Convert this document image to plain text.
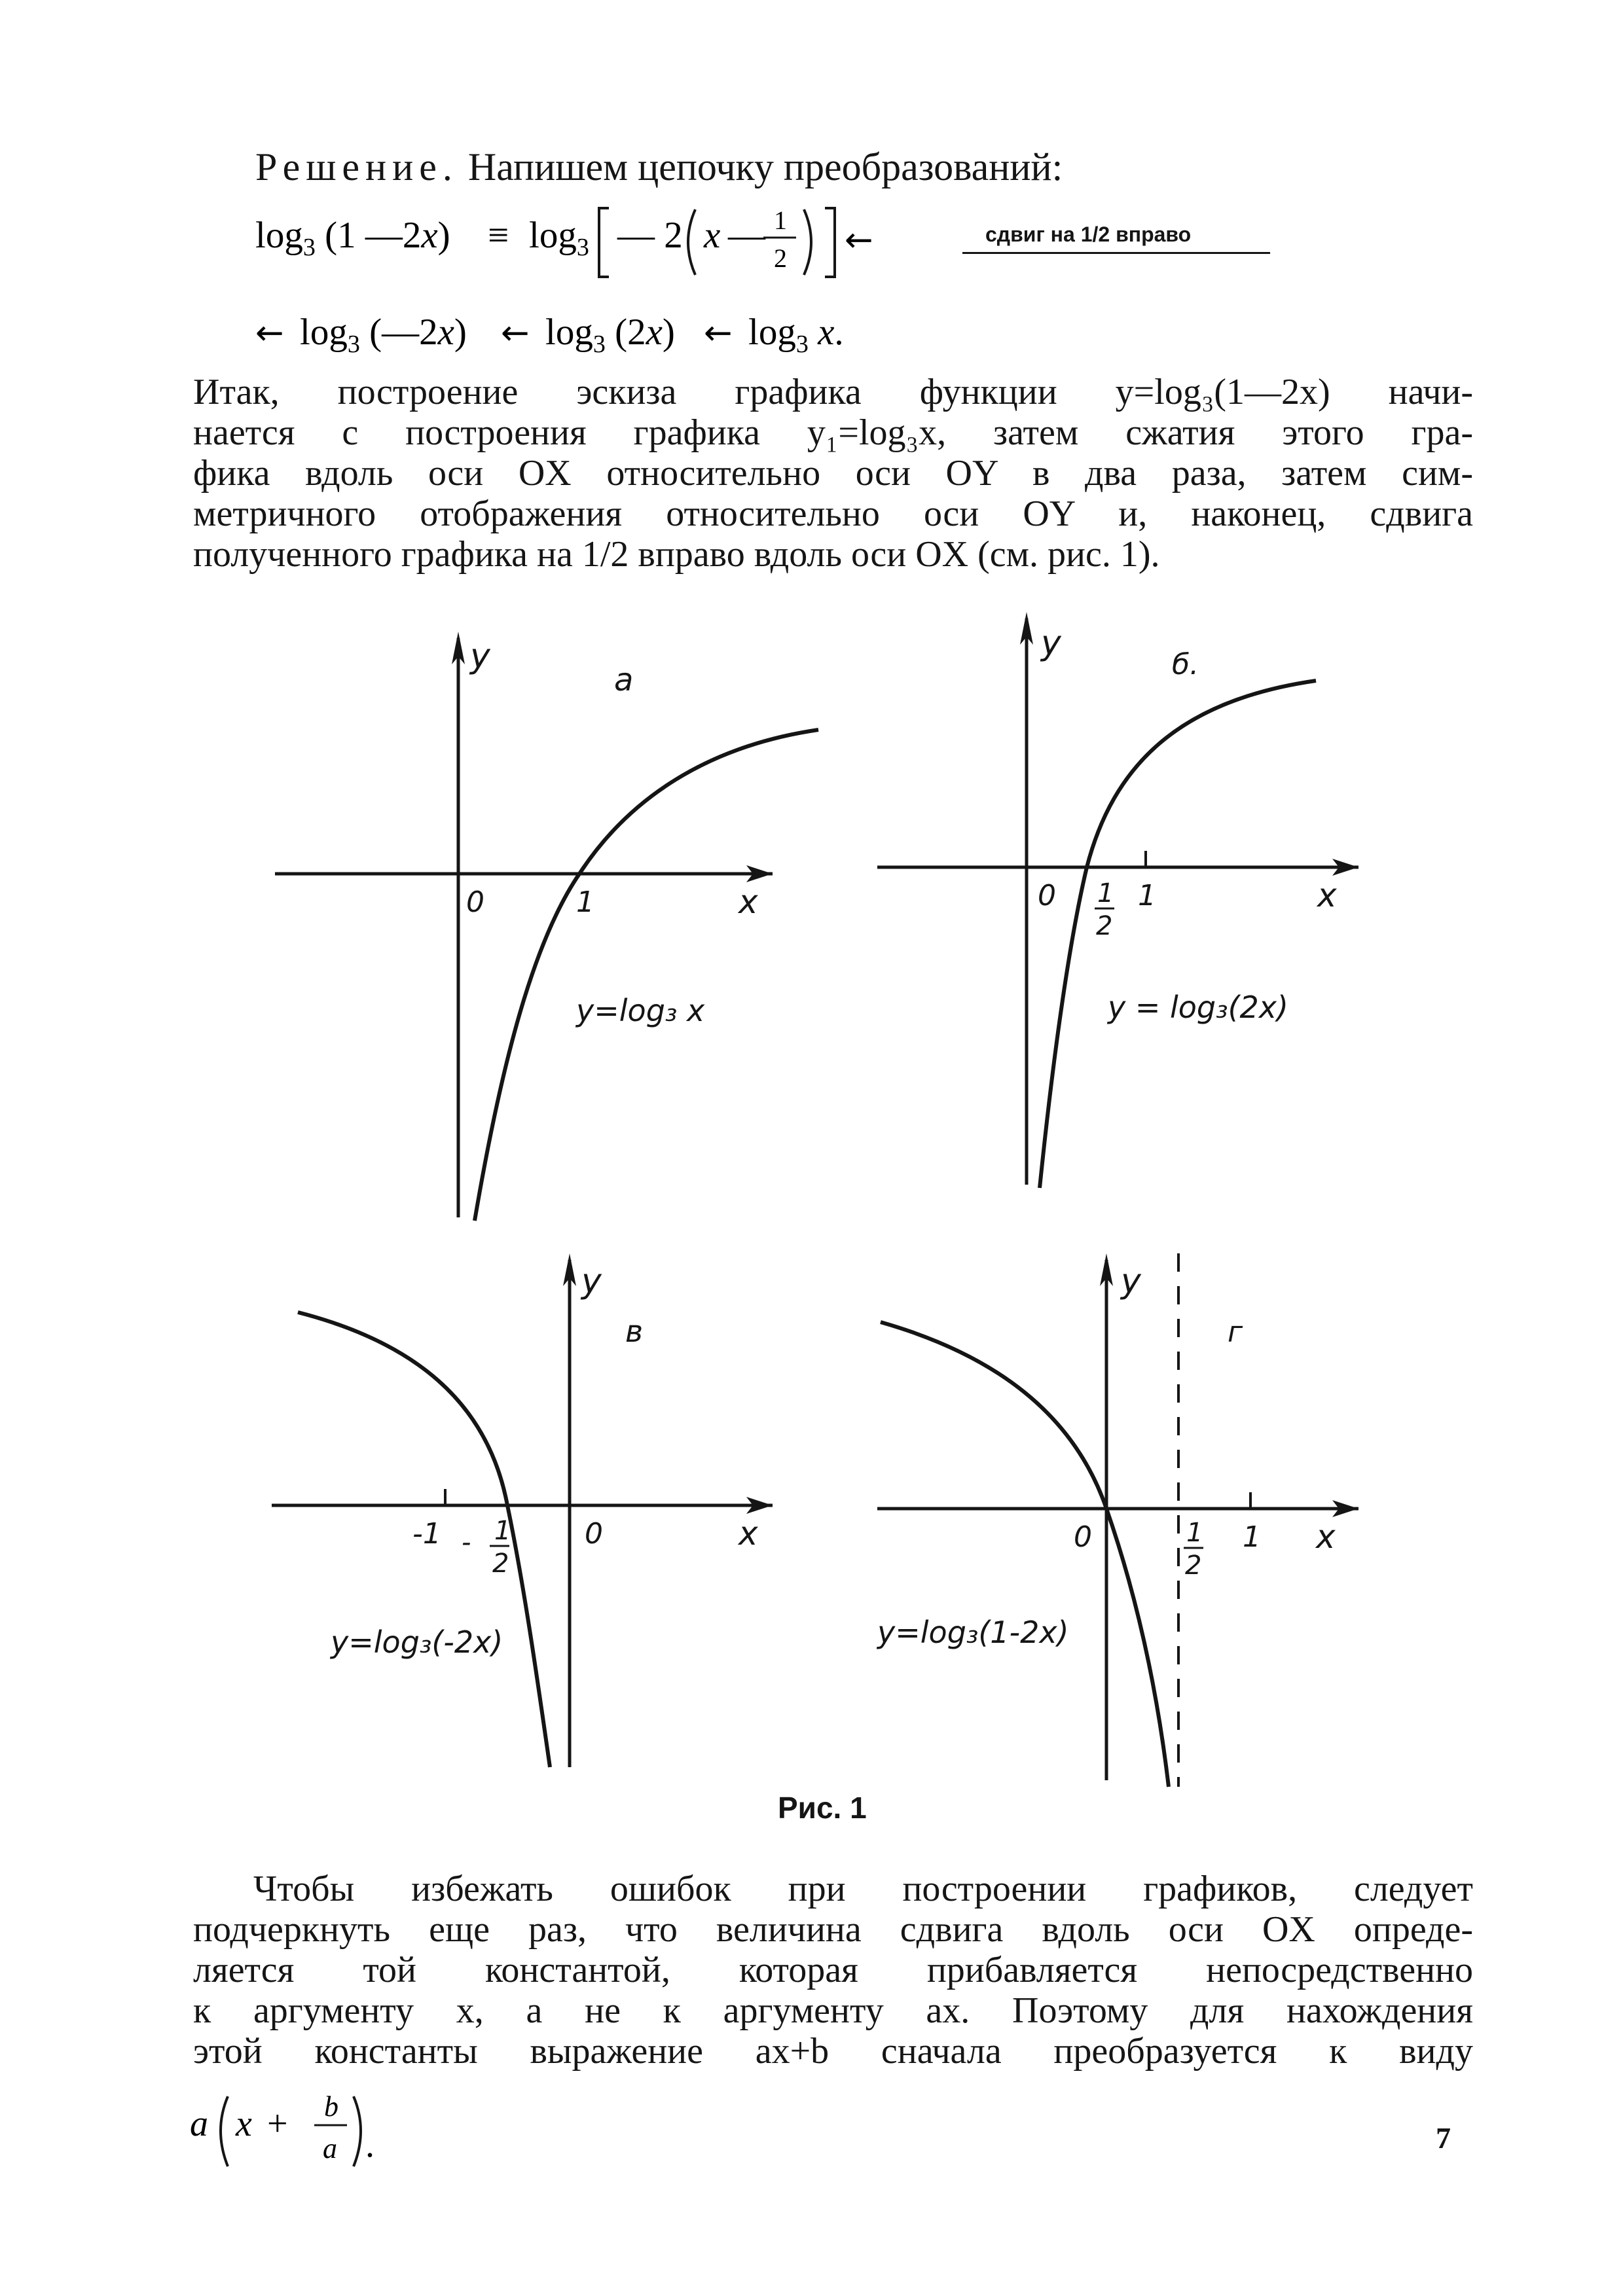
Решение. Напишем цепочку преобразований:
$\log_3 (1$ —2x) ≡ $\log_3$ — 2 x — 1
2 ←	сдвиг на 1/2 вправо
← $\log_3$ (—2x) ← $\log_3 (2x)$ ← $\log_3 x$.
Итак, построение эскиза графика функции y=log₃(1—2x) начи-
нается с построения графика y₁=log₃x, затем сжатия этого гра-
фика вдоль оси OX относительно оси OY в два раза, затем сим-
метричного отображения относительно оси OY и, наконец, сдвига
полученного графика на 1/2 вправо вдоль оси OX (см. рис. 1).
y
x
0	1
а
y=log₃ x
y
x
0 1
2
1
б.
y = log₃(2x)
y
x
-1 - 1
2
0
в
y=log₃(-2x)
y
x
0	1
2
1
г
y=log₃(1-2x)
Рис. 1
Чтобы избежать ошибок при построении графиков, следует
подчеркнуть еще раз, что величина сдвига вдоль оси OX опреде-
ляется той константой, которая прибавляется непосредственно
к аргументу x, а не к аргументу ax. Поэтому для нахождения
этой константы выражение ax+b сначала преобразуется к виду
a x + b
a .	7
